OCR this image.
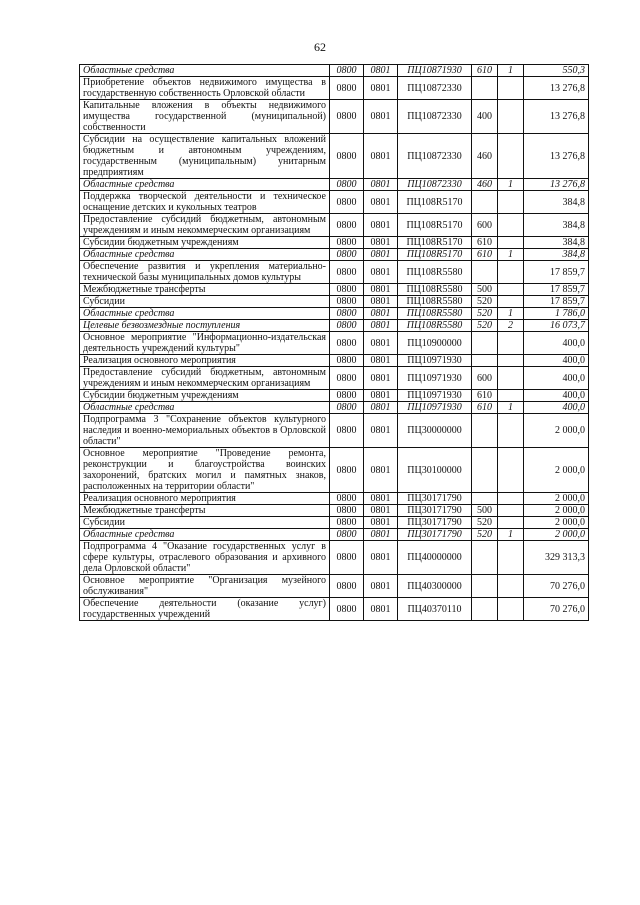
62
Областные средства	0800	0801	ПЦ10871930	610	1	550,3
Приобретение объектов недвижимого имущества в государственную собственность Орловской области	0800	0801	ПЦ10872330			13 276,8
Капитальные вложения в объекты недвижимого имущества государственной (муниципальной) собственности	0800	0801	ПЦ10872330	400		13 276,8
Субсидии на осуществление капитальных вложений бюджетным и автономным учреждениям, государственным (муниципальным) унитарным предприятиям	0800	0801	ПЦ10872330	460		13 276,8
Областные средства	0800	0801	ПЦ10872330	460	1	13 276,8
Поддержка творческой деятельности и техническое оснащение детских и кукольных театров	0800	0801	ПЦ108R5170			384,8
Предоставление субсидий бюджетным, автономным учреждениям и иным некоммерческим организациям	0800	0801	ПЦ108R5170	600		384,8
Субсидии бюджетным учреждениям	0800	0801	ПЦ108R5170	610		384,8
Областные средства	0800	0801	ПЦ108R5170	610	1	384,8
Обеспечение развития и укрепления материально-технической базы муниципальных домов культуры	0800	0801	ПЦ108R5580			17 859,7
Межбюджетные трансферты	0800	0801	ПЦ108R5580	500		17 859,7
Субсидии	0800	0801	ПЦ108R5580	520		17 859,7
Областные средства	0800	0801	ПЦ108R5580	520	1	1 786,0
Целевые безвозмездные поступления	0800	0801	ПЦ108R5580	520	2	16 073,7
Основное мероприятие "Информационно-издательская деятельность учреждений культуры"	0800	0801	ПЦ10900000			400,0
Реализация основного мероприятия	0800	0801	ПЦ10971930			400,0
Предоставление субсидий бюджетным, автономным учреждениям и иным некоммерческим организациям	0800	0801	ПЦ10971930	600		400,0
Субсидии бюджетным учреждениям	0800	0801	ПЦ10971930	610		400,0
Областные средства	0800	0801	ПЦ10971930	610	1	400,0
Подпрограмма 3 "Сохранение объектов культурного наследия и военно-мемориальных объектов в Орловской области"	0800	0801	ПЦ30000000			2 000,0
Основное мероприятие "Проведение ремонта, реконструкции и благоустройства воинских захоронений, братских могил и памятных знаков, расположенных на территории области"	0800	0801	ПЦ30100000			2 000,0
Реализация основного мероприятия	0800	0801	ПЦ30171790			2 000,0
Межбюджетные трансферты	0800	0801	ПЦ30171790	500		2 000,0
Субсидии	0800	0801	ПЦ30171790	520		2 000,0
Областные средства	0800	0801	ПЦ30171790	520	1	2 000,0
Подпрограмма 4 "Оказание государственных услуг в сфере культуры, отраслевого образования и архивного дела Орловской области"	0800	0801	ПЦ40000000			329 313,3
Основное мероприятие "Организация музейного обслуживания"	0800	0801	ПЦ40300000			70 276,0
Обеспечение деятельности (оказание услуг) государственных учреждений	0800	0801	ПЦ40370110			70 276,0
